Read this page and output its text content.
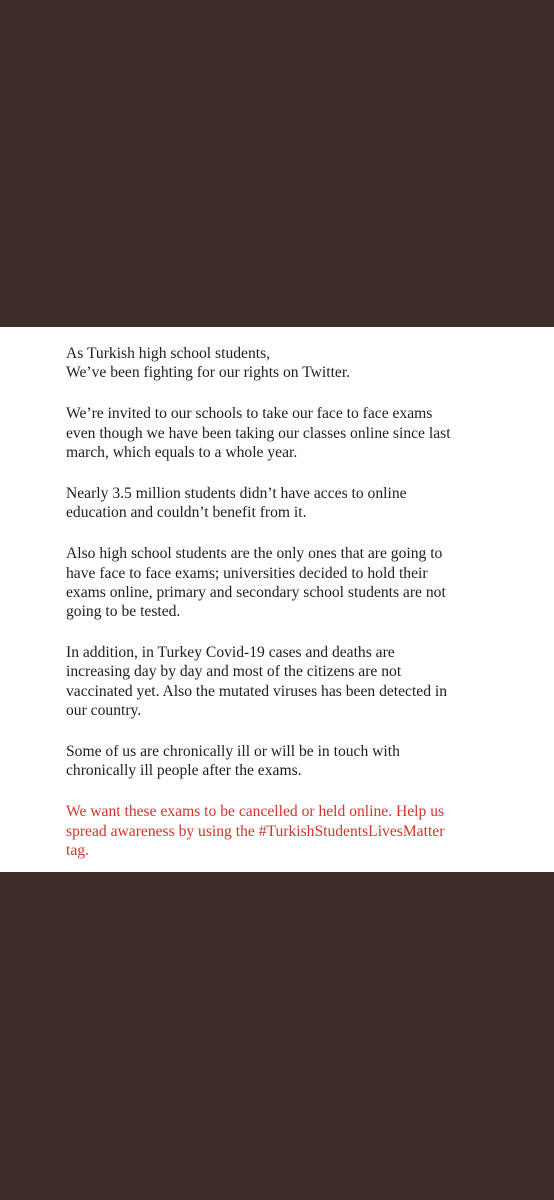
As Turkish high school students,
We’ve been fighting for our rights on Twitter.

We’re invited to our schools to take our face to face exams
even though we have been taking our classes online since last
march, which equals to a whole year.

Nearly 3.5 million students didn’t have acces to online
education and couldn’t benefit from it.

Also high school students are the only ones that are going to
have face to face exams; universities decided to hold their
exams online, primary and secondary school students are not
going to be tested.

In addition, in Turkey Covid-19 cases and deaths are
increasing day by day and most of the citizens are not
vaccinated yet. Also the mutated viruses has been detected in
our country.

Some of us are chronically ill or will be in touch with
chronically ill people after the exams.

We want these exams to be cancelled or held online. Help us
spread awareness by using the #TurkishStudentsLivesMatter
tag.
